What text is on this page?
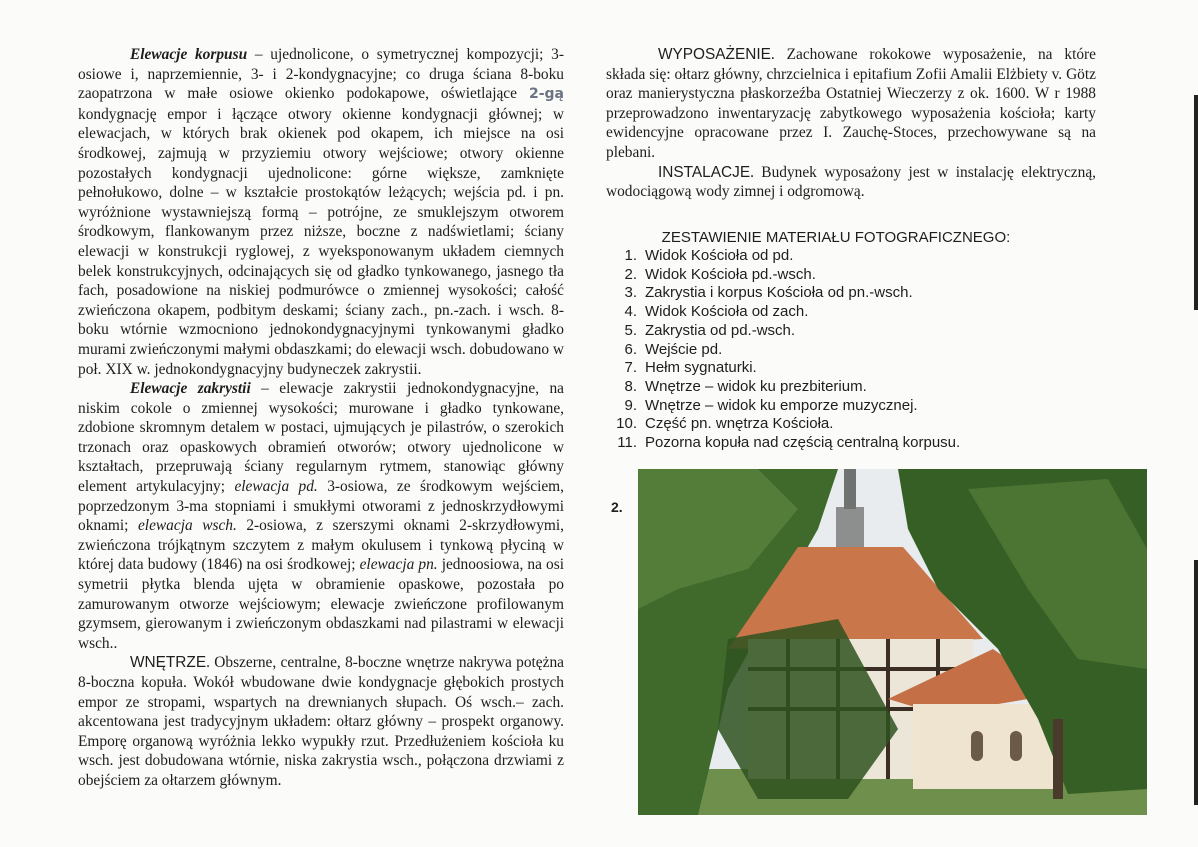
Elewacje korpusu – ujednolicone, o symetrycznej kompozycji; 3-osiowe i, naprzemiennie, 3- i 2-kondygnacyjne; co druga ściana 8-boku zaopatrzona w małe osiowe okienko podokapowe, oświetlające 2-gą kondygnację empor i łączące otwory okienne kondygnacji głównej; w elewacjach, w których brak okienek pod okapem, ich miejsce na osi środkowej, zajmują w przyziemiu otwory wejściowe; otwory okienne pozostałych kondygnacji ujednolicone: górne większe, zamknięte pełnołukowo, dolne – w kształcie prostokątów leżących; wejścia pd. i pn. wyróżnione wystawniejszą formą – potrójne, ze smuklejszym otworem środkowym, flankowanym przez niższe, boczne z nadświetlami; ściany elewacji w konstrukcji ryglowej, z wyeksponowanym układem ciemnych belek konstrukcyjnych, odcinających się od gładko tynkowanego, jasnego tła fach, posadowione na niskiej podmurówce o zmiennej wysokości; całość zwieńczona okapem, podbitym deskami; ściany zach., pn.-zach. i wsch. 8-boku wtórnie wzmocniono jednokondygnacyjnymi tynkowanymi gładko murami zwieńczonymi małymi obdaszkami; do elewacji wsch. dobudowano w poł. XIX w. jednokondygnacyjny budyneczek zakrystii.

Elewacje zakrystii – elewacje zakrystii jednokondygnacyjne, na niskim cokole o zmiennej wysokości; murowane i gładko tynkowane, zdobione skromnym detalem w postaci, ujmujących je pilastrów, o szerokich trzonach oraz opaskowych obramień otworów; otwory ujednolicone w kształtach, przepruwają ściany regularnym rytmem, stanowiąc główny element artykulacyjny; elewacja pd. 3-osiowa, ze środkowym wejściem, poprzedzonym 3-ma stopniami i smukłymi otworami z jednoskrzydłowymi oknami; elewacja wsch. 2-osiowa, z szerszymi oknami 2-skrzydłowymi, zwieńczona trójkątnym szczytem z małym okulusem i tynkową płyciną w której data budowy (1846) na osi środkowej; elewacja pn. jednoosiowa, na osi symetrii płytka blenda ujęta w obramienie opaskowe, pozostała po zamurowanym otworze wejściowym; elewacje zwieńczone profilowanym gzymsem, gierowanym i zwieńczonym obdaszkami nad pilastrami w elewacji wsch..

WNĘTRZE. Obszerne, centralne, 8-boczne wnętrze nakrywa potężna 8-boczna kopuła. Wokół wbudowane dwie kondygnacje głębokich prostych empor ze stropami, wspartych na drewnianych słupach. Oś wsch.– zach. akcentowana jest tradycyjnym układem: ołtarz główny – prospekt organowy. Emporę organową wyróżnia lekko wypukły rzut. Przedłużeniem kościoła ku wsch. jest dobudowana wtórnie, niska zakrystia wsch., połączona drzwiami z obejściem za ołtarzem głównym.

WYPOSAŻENIE. Zachowane rokokowe wyposażenie, na które składa się: ołtarz główny, chrzcielnica i epitafium Zofii Amalii Elżbiety v. Götz oraz manierystyczna płaskorzeźba Ostatniej Wieczerzy z ok. 1600. W r 1988 przeprowadzono inwentaryzację zabytkowego wyposażenia kościoła; karty ewidencyjne opracowane przez I. Zauchę-Stoces, przechowywane są na plebani.

INSTALACJE. Budynek wyposażony jest w instalację elektryczną, wodociągową wody zimnej i odgromową.

ZESTAWIENIE MATERIAŁU FOTOGRAFICZNEGO:
1. Widok Kościoła od pd.
2. Widok Kościoła pd.-wsch.
3. Zakrystia i korpus Kościoła od pn.-wsch.
4. Widok Kościoła od zach.
5. Zakrystia od pd.-wsch.
6. Wejście pd.
7. Hełm sygnaturki.
8. Wnętrze – widok ku prezbiterium.
9. Wnętrze – widok ku emporze muzycznej.
10. Część pn. wnętrza Kościoła.
11. Pozorna kopuła nad częścią centralną korpusu.
2.
